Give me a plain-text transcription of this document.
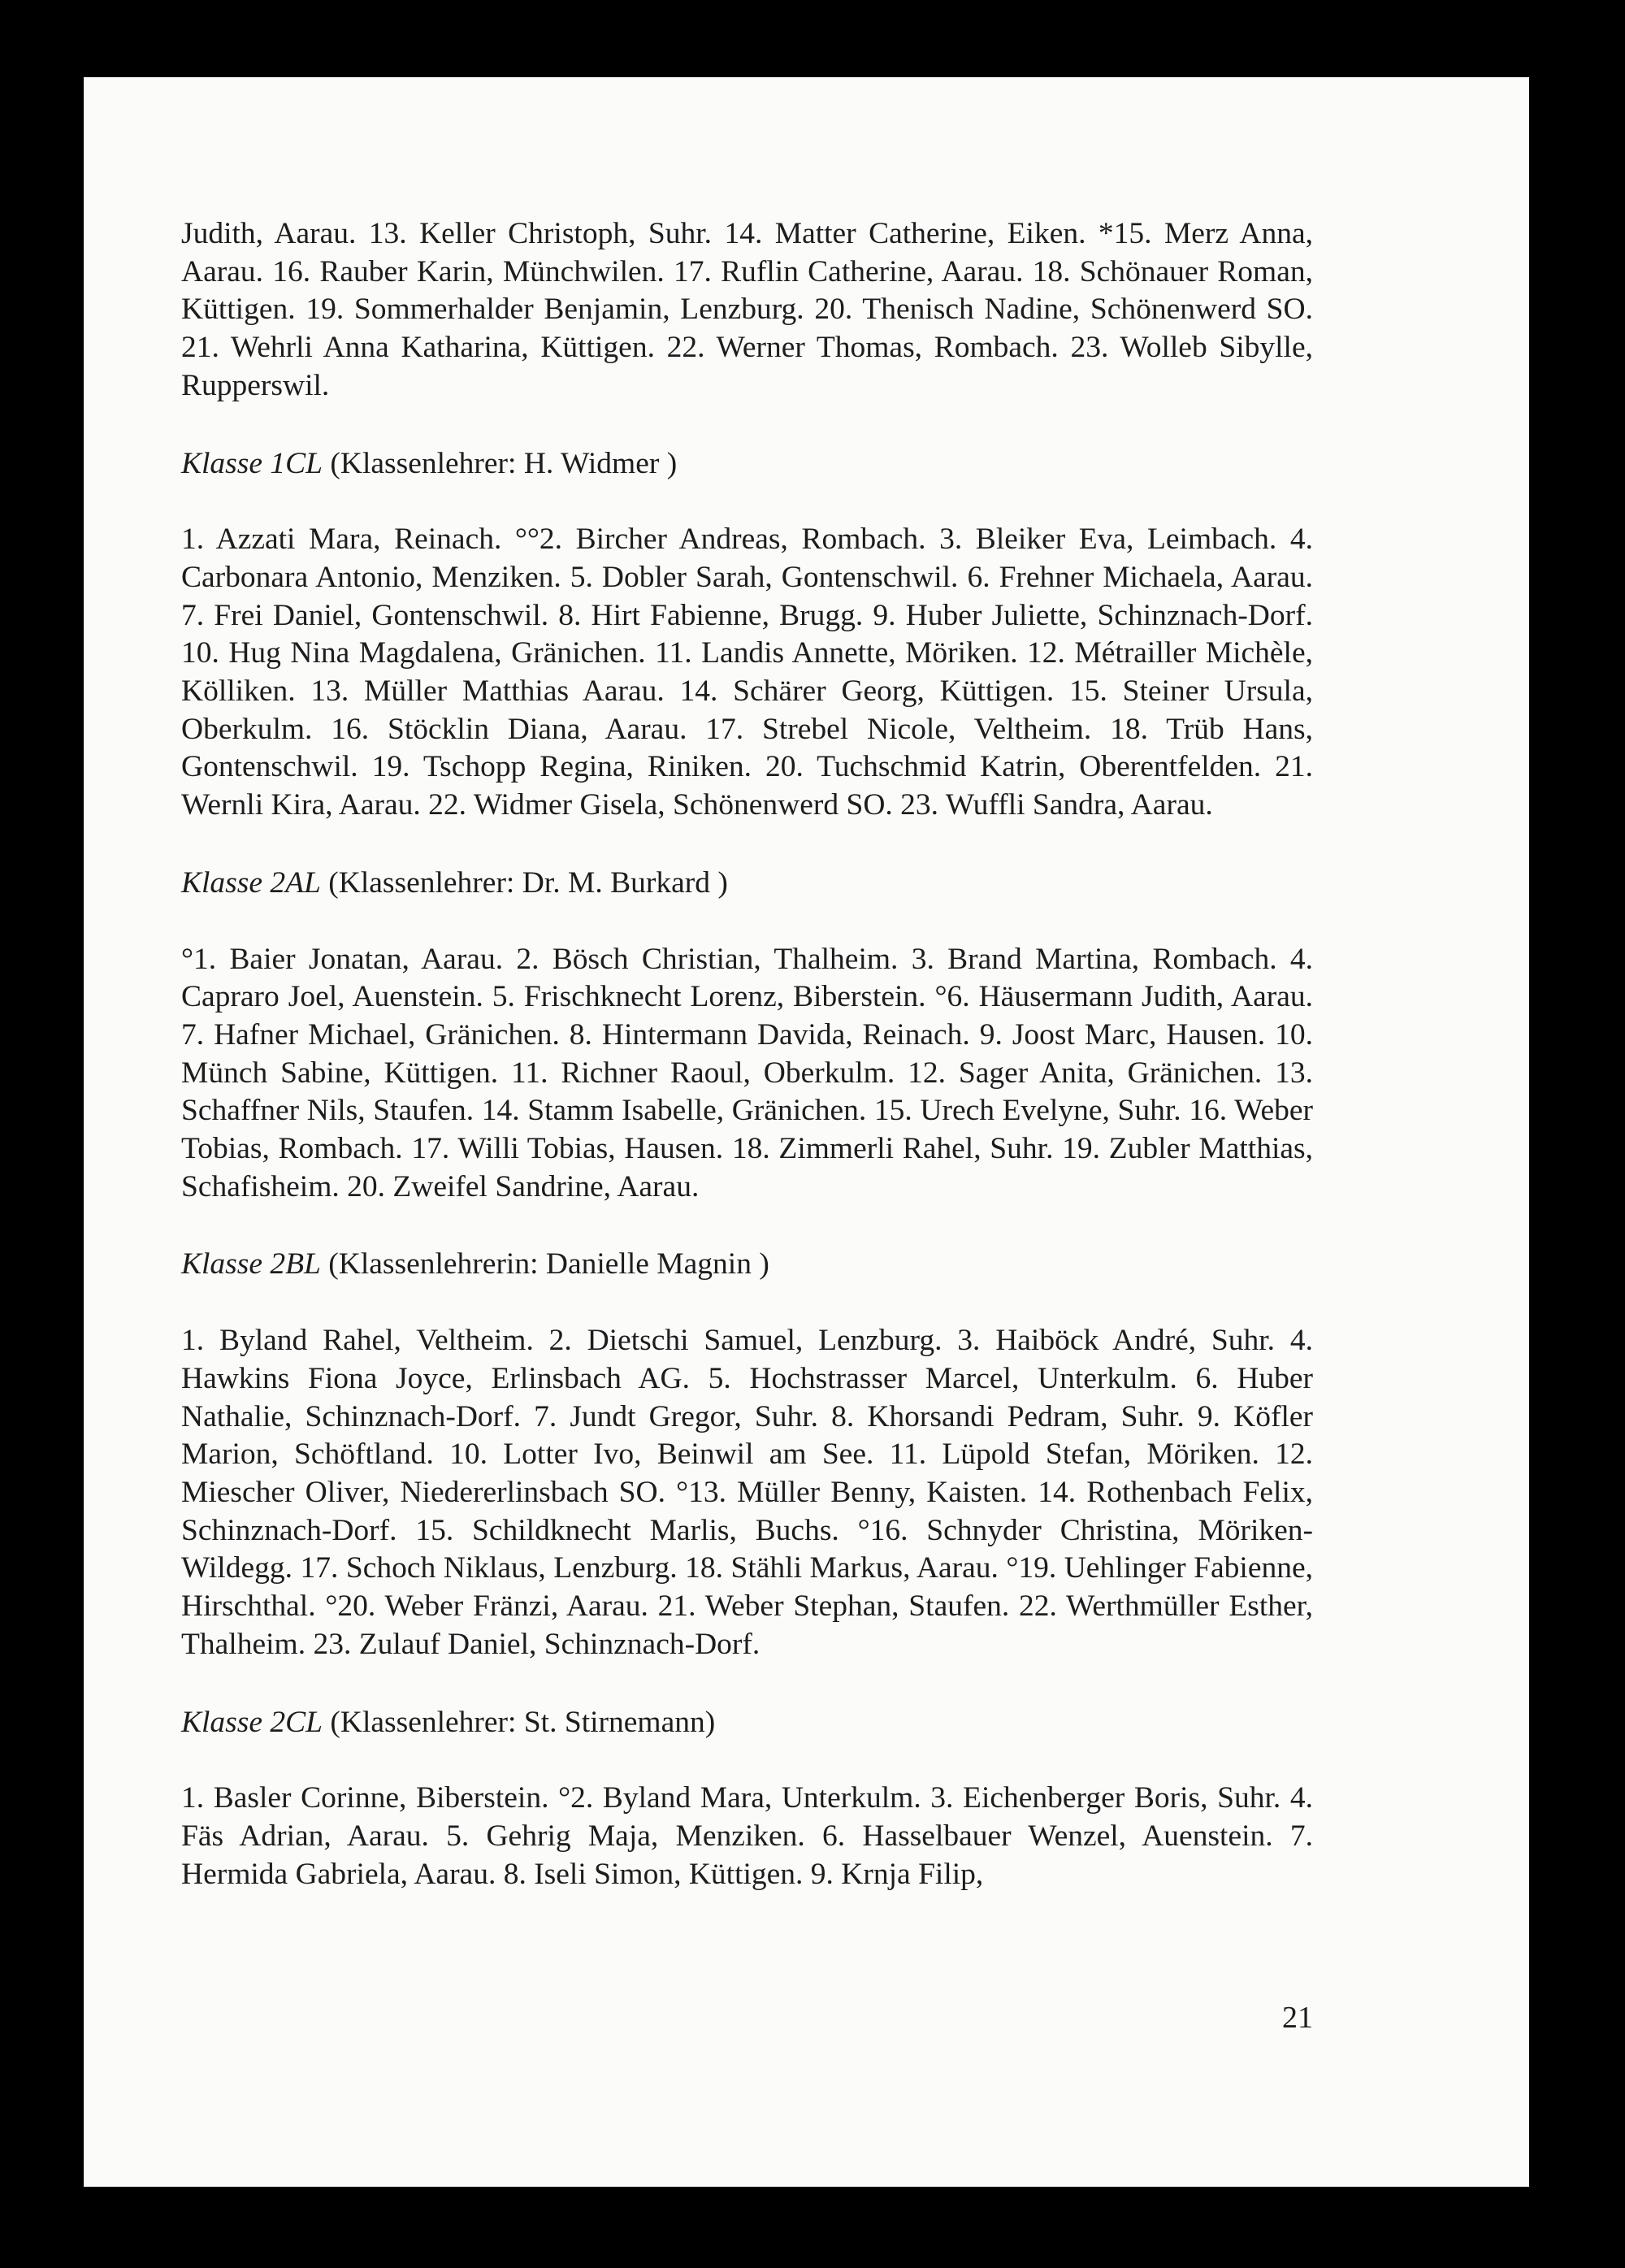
Judith, Aarau. 13. Keller Christoph, Suhr. 14. Matter Catherine, Eiken. *15. Merz Anna, Aarau. 16. Rauber Karin, Münchwilen. 17. Ruflin Catherine, Aarau. 18. Schönauer Roman, Küttigen. 19. Sommerhalder Benjamin, Lenzburg. 20. Thenisch Nadine, Schönenwerd SO. 21. Wehrli Anna Katharina, Küttigen. 22. Werner Thomas, Rombach. 23. Wolleb Sibylle, Rupperswil.

Klasse 1CL (Klassenlehrer: H. Widmer )

1. Azzati Mara, Reinach. °°2. Bircher Andreas, Rombach. 3. Bleiker Eva, Leimbach. 4. Carbonara Antonio, Menziken. 5. Dobler Sarah, Gontenschwil. 6. Frehner Michaela, Aarau. 7. Frei Daniel, Gontenschwil. 8. Hirt Fabienne, Brugg. 9. Huber Juliette, Schinznach-Dorf. 10. Hug Nina Magdalena, Gränichen. 11. Landis Annette, Möriken. 12. Métrailler Michèle, Kölliken. 13. Müller Matthias Aarau. 14. Schärer Georg, Küttigen. 15. Steiner Ursula, Oberkulm. 16. Stöcklin Diana, Aarau. 17. Strebel Nicole, Veltheim. 18. Trüb Hans, Gontenschwil. 19. Tschopp Regina, Riniken. 20. Tuchschmid Katrin, Oberentfelden. 21. Wernli Kira, Aarau. 22. Widmer Gisela, Schönenwerd SO. 23. Wuffli Sandra, Aarau.

Klasse 2AL (Klassenlehrer: Dr. M. Burkard )

°1. Baier Jonatan, Aarau. 2. Bösch Christian, Thalheim. 3. Brand Martina, Rombach. 4. Capraro Joel, Auenstein. 5. Frischknecht Lorenz, Biberstein. °6. Häusermann Judith, Aarau. 7. Hafner Michael, Gränichen. 8. Hintermann Davida, Reinach. 9. Joost Marc, Hausen. 10. Münch Sabine, Küttigen. 11. Richner Raoul, Oberkulm. 12. Sager Anita, Gränichen. 13. Schaffner Nils, Staufen. 14. Stamm Isabelle, Gränichen. 15. Urech Evelyne, Suhr. 16. Weber Tobias, Rombach. 17. Willi Tobias, Hausen. 18. Zimmerli Rahel, Suhr. 19. Zubler Matthias, Schafisheim. 20. Zweifel Sandrine, Aarau.

Klasse 2BL (Klassenlehrerin: Danielle Magnin )

1. Byland Rahel, Veltheim. 2. Dietschi Samuel, Lenzburg. 3. Haiböck André, Suhr. 4. Hawkins Fiona Joyce, Erlinsbach AG. 5. Hochstrasser Marcel, Unterkulm. 6. Huber Nathalie, Schinznach-Dorf. 7. Jundt Gregor, Suhr. 8. Khorsandi Pedram, Suhr. 9. Köfler Marion, Schöftland. 10. Lotter Ivo, Beinwil am See. 11. Lüpold Stefan, Möriken. 12. Miescher Oliver, Niedererlinsbach SO. °13. Müller Benny, Kaisten. 14. Rothenbach Felix, Schinznach-Dorf. 15. Schildknecht Marlis, Buchs. °16. Schnyder Christina, Möriken-Wildegg. 17. Schoch Niklaus, Lenzburg. 18. Stähli Markus, Aarau. °19. Uehlinger Fabienne, Hirschthal. °20. Weber Fränzi, Aarau. 21. Weber Stephan, Staufen. 22. Werthmüller Esther, Thalheim. 23. Zulauf Daniel, Schinznach-Dorf.

Klasse 2CL (Klassenlehrer: St. Stirnemann)

1. Basler Corinne, Biberstein. °2. Byland Mara, Unterkulm. 3. Eichenberger Boris, Suhr. 4. Fäs Adrian, Aarau. 5. Gehrig Maja, Menziken. 6. Hasselbauer Wenzel, Auenstein. 7. Hermida Gabriela, Aarau. 8. Iseli Simon, Küttigen. 9. Krnja Filip,

21
